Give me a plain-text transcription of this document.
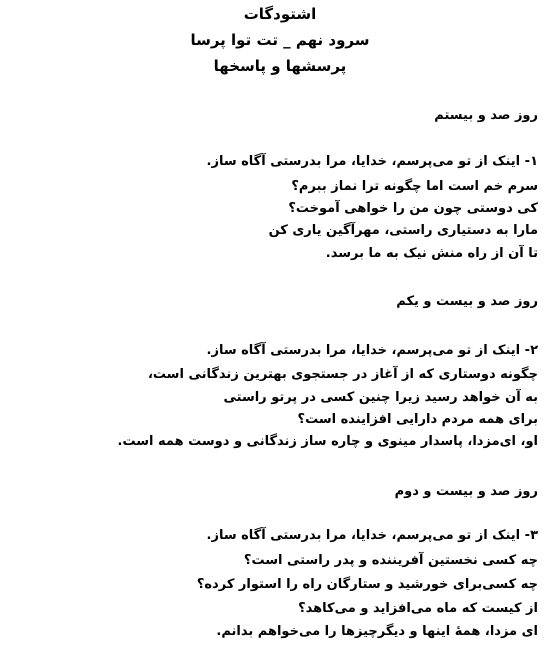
اشتودگات

سرود نهم _ تت توا پرسا

پرسشها و پاسخها

روز صد و بیستم

۱- اینک از تو می‌پرسم، خدایا، مرا بدرستی آگاه ساز.

سرم خم است اما چگونه ترا نماز ببرم؟

کی دوستی چون من را خواهی آموخت؟

مارا به دستیاری راستی، مهرآگین یاری کن

تا آن از راه منش نیک به ما برسد.

روز صد و بیست و یکم

۲- اینک از تو می‌پرسم، خدایا، مرا بدرستی آگاه ساز.

چگونه دوستاری که از آغاز در جستجوی بهترین زندگانی است،

به آن خواهد رسید زیرا چنین کسی در پرتو راستی

برای همه مردم دارایی افزاینده است؟

او، ای‌مزدا، پاسدار مینوی و چاره ساز زندگانی و دوست همه است.

روز صد و بیست و دوم

۳- اینک از تو می‌پرسم، خدایا، مرا بدرستی آگاه ساز.

چه کسی نخستین آفریننده و پدر راستی است؟

چه کسی‌برای خورشید و ستارگان راه را استوار کرده؟

از کیست که ماه می‌افزاید و می‌کاهد؟

ای مزدا، همهٔ اینها و دیگرچیزها را می‌خواهم بدانم.
